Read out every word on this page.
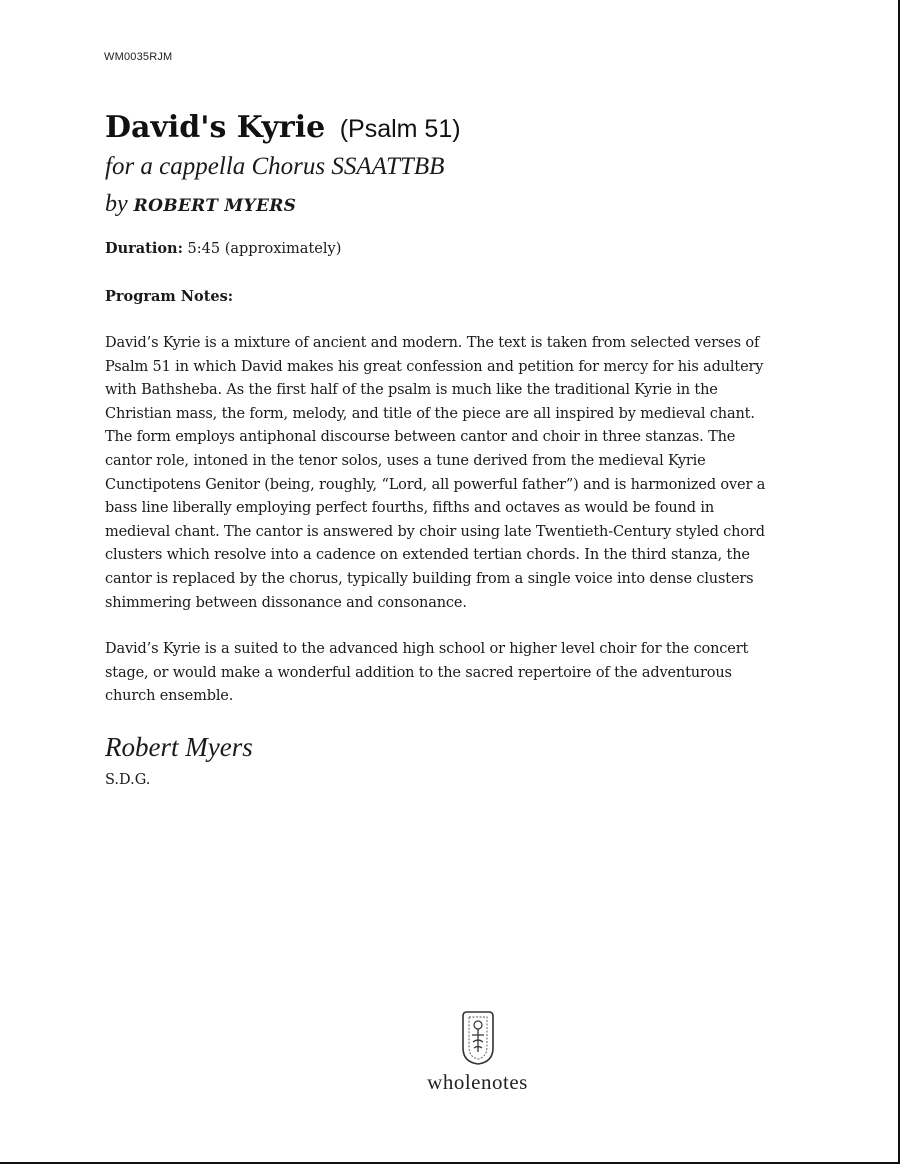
WM0035RJM
David's Kyrie (Psalm 51)
for a cappella Chorus SSAATTBB
by ROBERT MYERS
Duration: 5:45 (approximately)
Program Notes:
David’s Kyrie is a mixture of ancient and modern. The text is taken from selected verses of
Psalm 51 in which David makes his great confession and petition for mercy for his adultery
with Bathsheba. As the first half of the psalm is much like the traditional Kyrie in the
Christian mass, the form, melody, and title of the piece are all inspired by medieval chant.
The form employs antiphonal discourse between cantor and choir in three stanzas. The
cantor role, intoned in the tenor solos, uses a tune derived from the medieval Kyrie
Cunctipotens Genitor (being, roughly, “Lord, all powerful father”) and is harmonized over a
bass line liberally employing perfect fourths, fifths and octaves as would be found in
medieval chant. The cantor is answered by choir using late Twentieth-Century styled chord
clusters which resolve into a cadence on extended tertian chords. In the third stanza, the
cantor is replaced by the chorus, typically building from a single voice into dense clusters
shimmering between dissonance and consonance.
David’s Kyrie is a suited to the advanced high school or higher level choir for the concert
stage, or would make a wonderful addition to the sacred repertoire of the adventurous
church ensemble.
Robert Myers
S.D.G.
wholenotes
